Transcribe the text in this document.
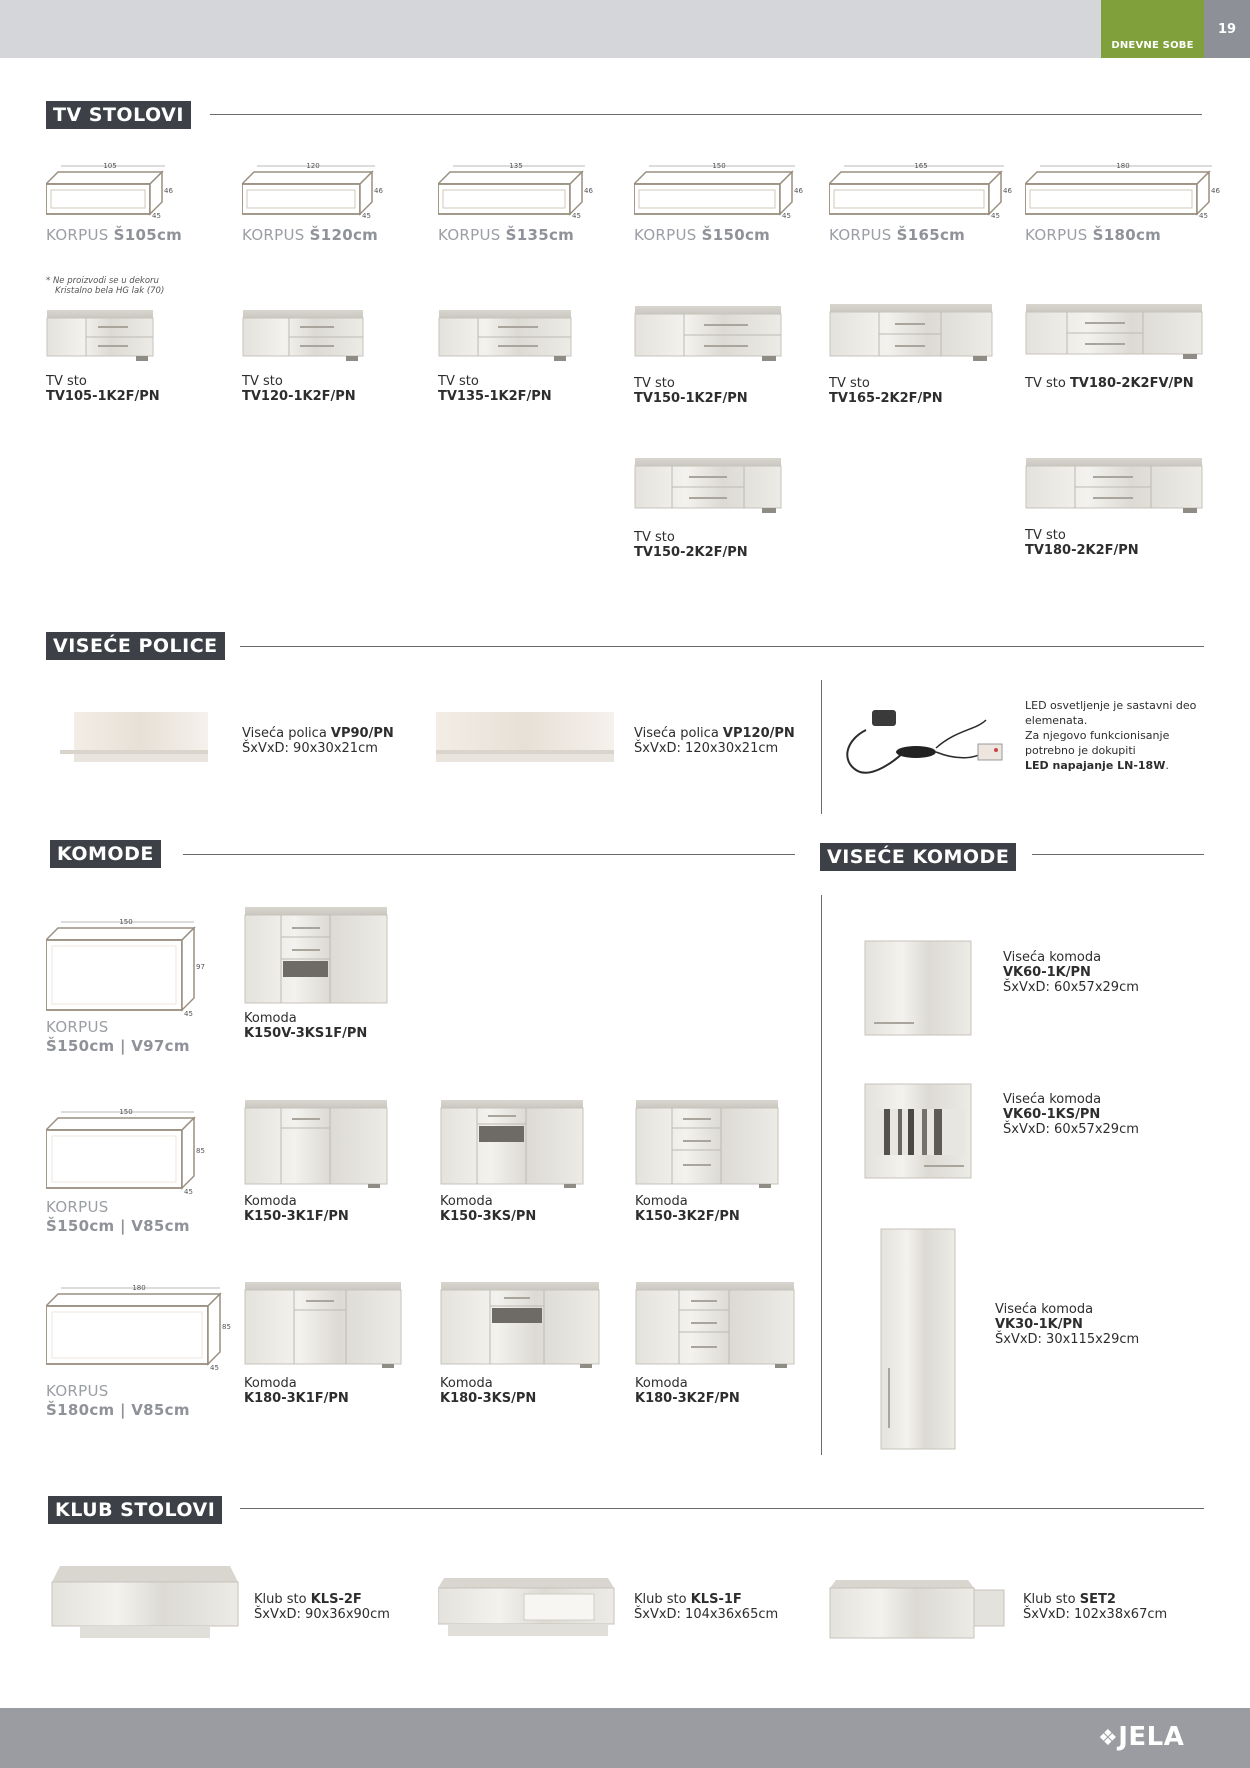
DNEVNE SOBE
19
TV STOLOVI
105
46
45
KORPUS Š105cm
120
46
45
KORPUS Š120cm
135
46
45
KORPUS Š135cm
150
46
45
KORPUS Š150cm
165
46
45
KORPUS Š165cm
180
46
45
KORPUS Š180cm
* Ne proizvodi se u dekoru
Kristalno bela HG lak (70)
TV sto
TV105-1K2F/PN
TV sto
TV120-1K2F/PN
TV sto
TV135-1K2F/PN
TV sto
TV150-1K2F/PN
TV sto
TV165-2K2F/PN
TV sto TV180-2K2FV/PN
TV sto
TV150-2K2F/PN
TV sto
TV180-2K2F/PN
VISEĆE POLICE
Viseća polica VP90/PN
ŠxVxD: 90x30x21cm
Viseća polica VP120/PN
ŠxVxD: 120x30x21cm
LED osvetljenje je sastavni deo
elemenata.
Za njegovo funkcionisanje
potrebno je dokupiti
LED napajanje LN-18W.
KOMODE	VISEĆE KOMODE
150
97
45
KORPUS
Š150cm | V97cm
150
85
45
KORPUS
Š150cm | V85cm
180
85
45
KORPUS
Š180cm | V85cm
Komoda
K150V-3KS1F/PN
Komoda
K150-3K1F/PN
Komoda
K150-3KS/PN
Komoda
K150-3K2F/PN
Komoda
K180-3K1F/PN
Komoda
K180-3KS/PN
Komoda
K180-3K2F/PN
Viseća komoda
VK60-1K/PN
ŠxVxD: 60x57x29cm
Viseća komoda
VK60-1KS/PN
ŠxVxD: 60x57x29cm
Viseća komoda
VK30-1K/PN
ŠxVxD: 30x115x29cm
KLUB STOLOVI
Klub sto KLS-2F
ŠxVxD: 90x36x90cm
Klub sto KLS-1F
ŠxVxD: 104x36x65cm
Klub sto SET2
ŠxVxD: 102x38x67cm
❖JELA
